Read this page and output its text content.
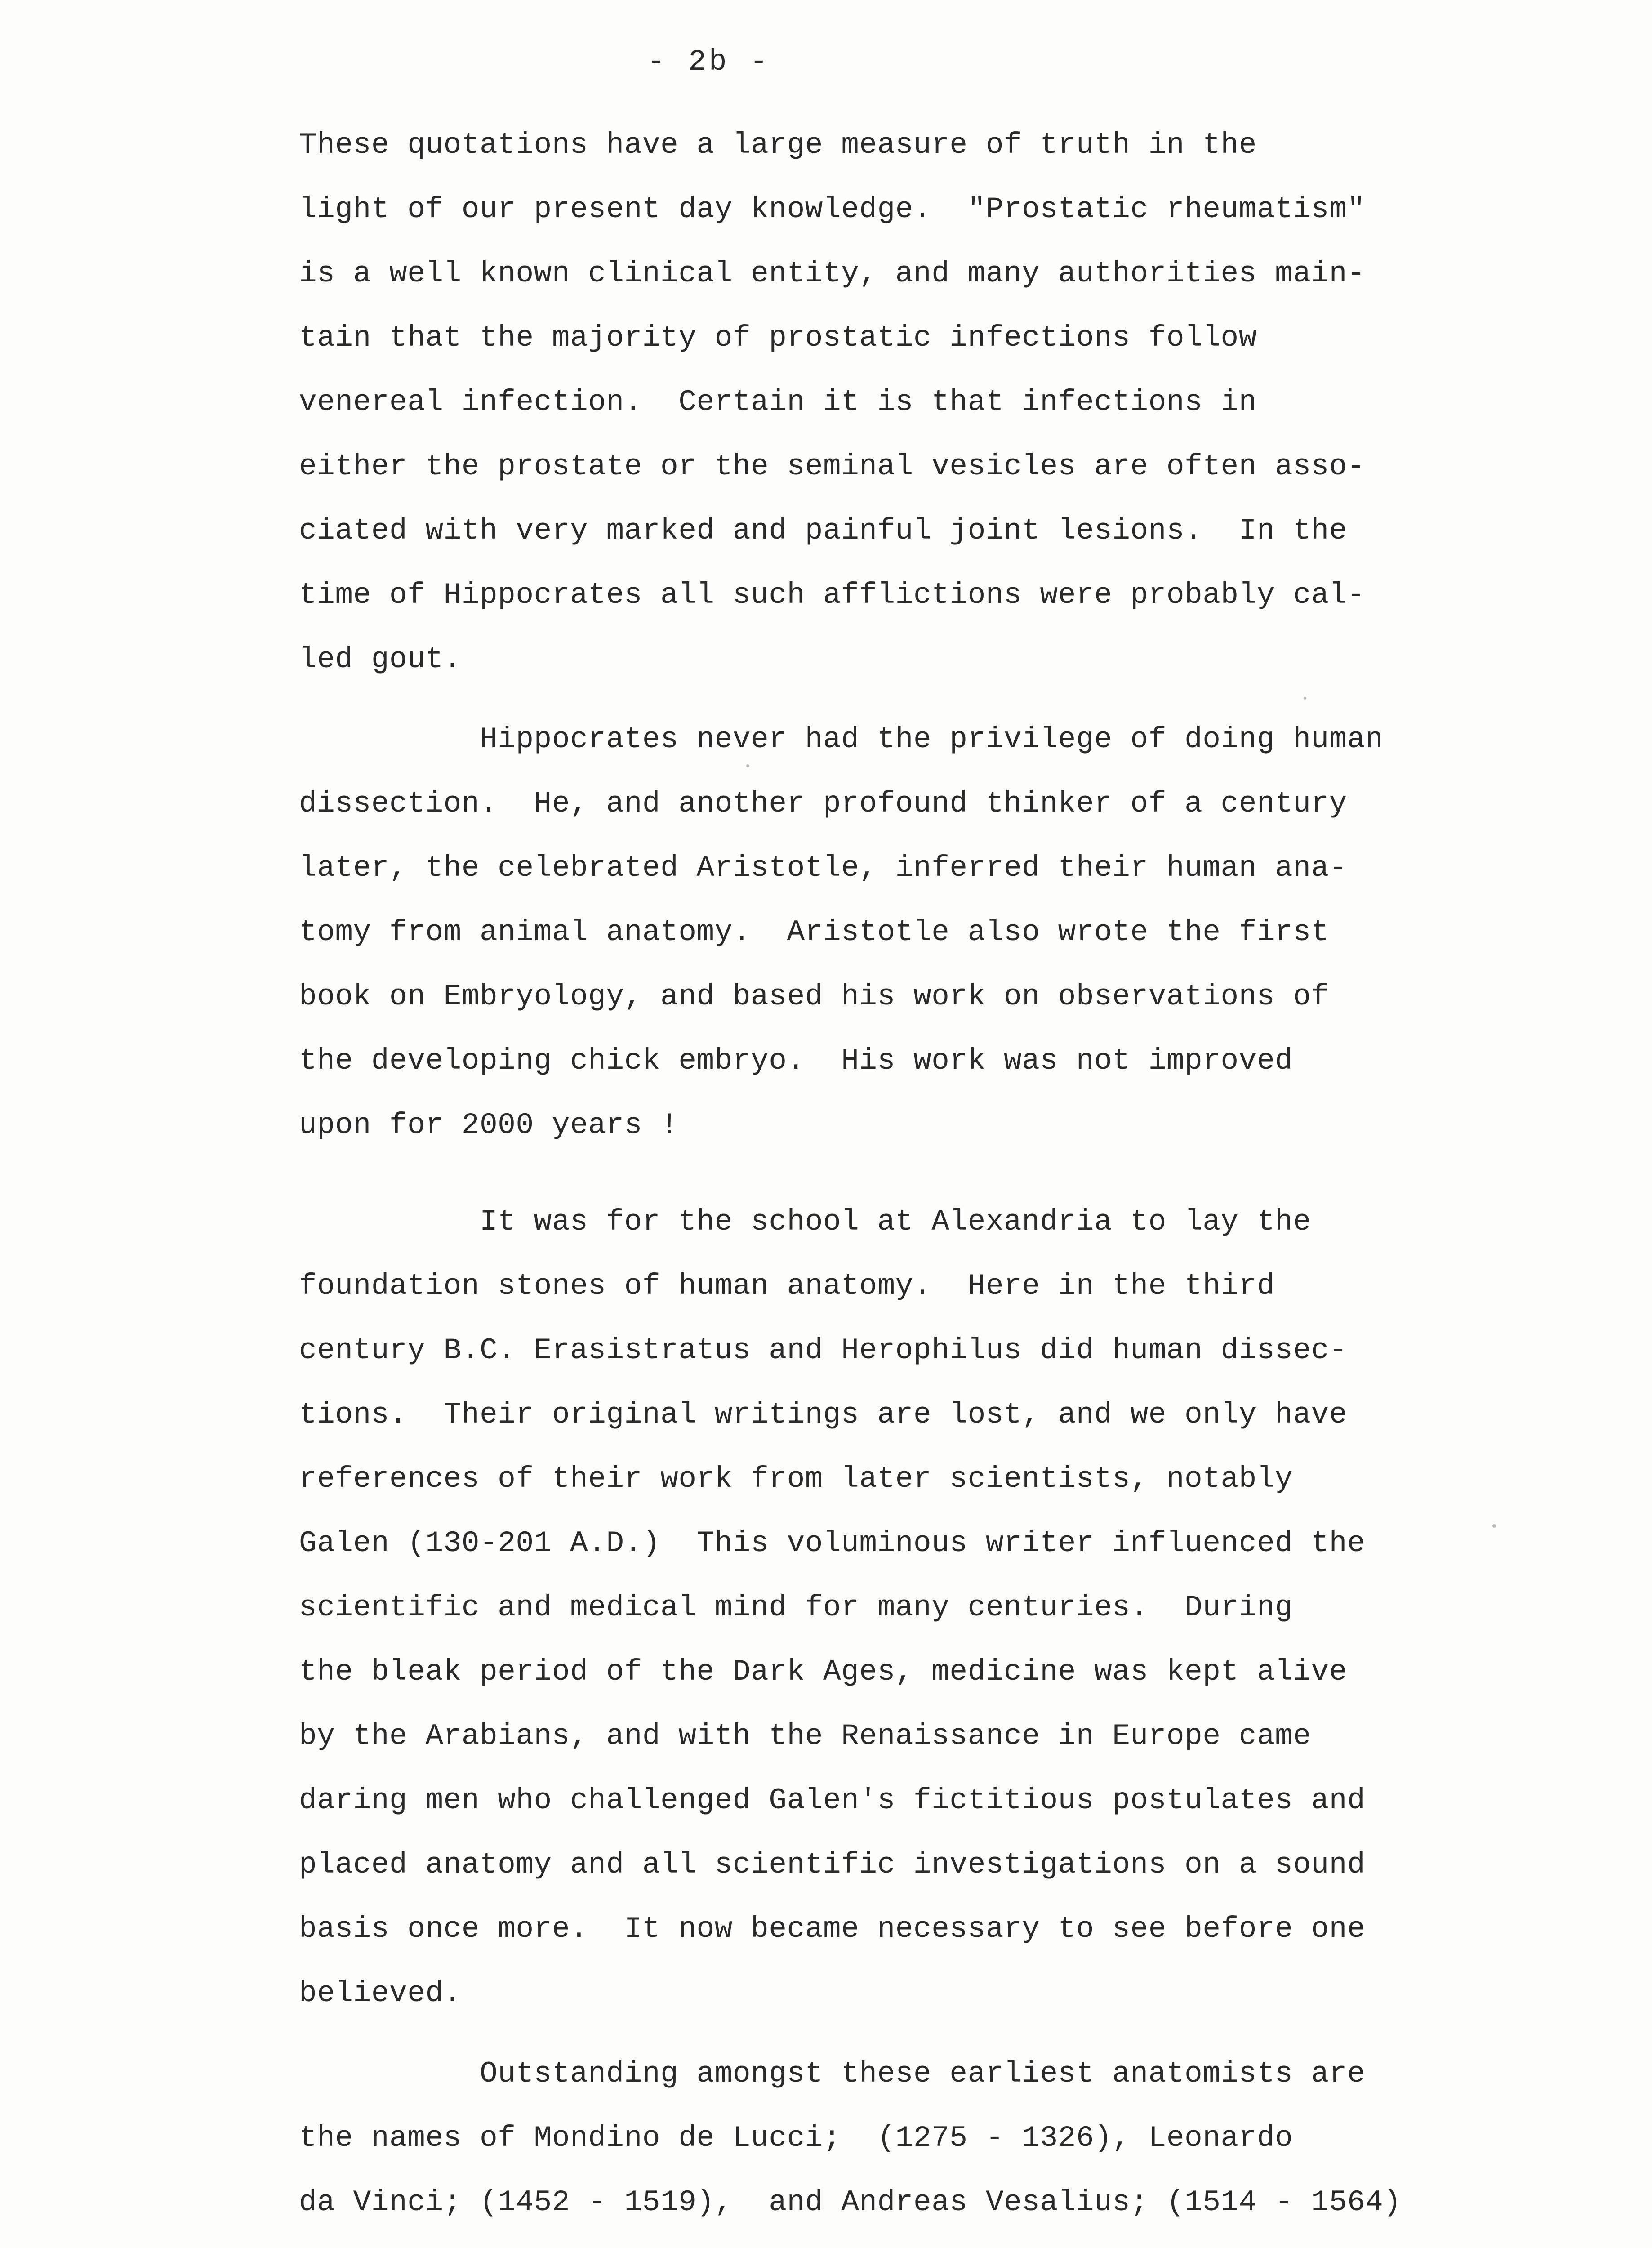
- 2b -
These quotations have a large measure of truth in the
light of our present day knowledge.  "Prostatic rheumatism"
is a well known clinical entity, and many authorities main-
tain that the majority of prostatic infections follow
venereal infection.  Certain it is that infections in
either the prostate or the seminal vesicles are often asso-
ciated with very marked and painful joint lesions.  In the
time of Hippocrates all such afflictions were probably cal-
led gout.
Hippocrates never had the privilege of doing human
dissection.  He, and another profound thinker of a century
later, the celebrated Aristotle, inferred their human ana-
tomy from animal anatomy.  Aristotle also wrote the first
book on Embryology, and based his work on observations of
the developing chick embryo.  His work was not improved
upon for 2000 years !
It was for the school at Alexandria to lay the
foundation stones of human anatomy.  Here in the third
century B.C. Erasistratus and Herophilus did human dissec-
tions.  Their original writings are lost, and we only have
references of their work from later scientists, notably
Galen (130-201 A.D.)  This voluminous writer influenced the
scientific and medical mind for many centuries.  During
the bleak period of the Dark Ages, medicine was kept alive
by the Arabians, and with the Renaissance in Europe came
daring men who challenged Galen's fictitious postulates and
placed anatomy and all scientific investigations on a sound
basis once more.  It now became necessary to see before one
believed.
Outstanding amongst these earliest anatomists are
the names of Mondino de Lucci;  (1275 - 1326), Leonardo
da Vinci; (1452 - 1519),  and Andreas Vesalius; (1514 - 1564)
